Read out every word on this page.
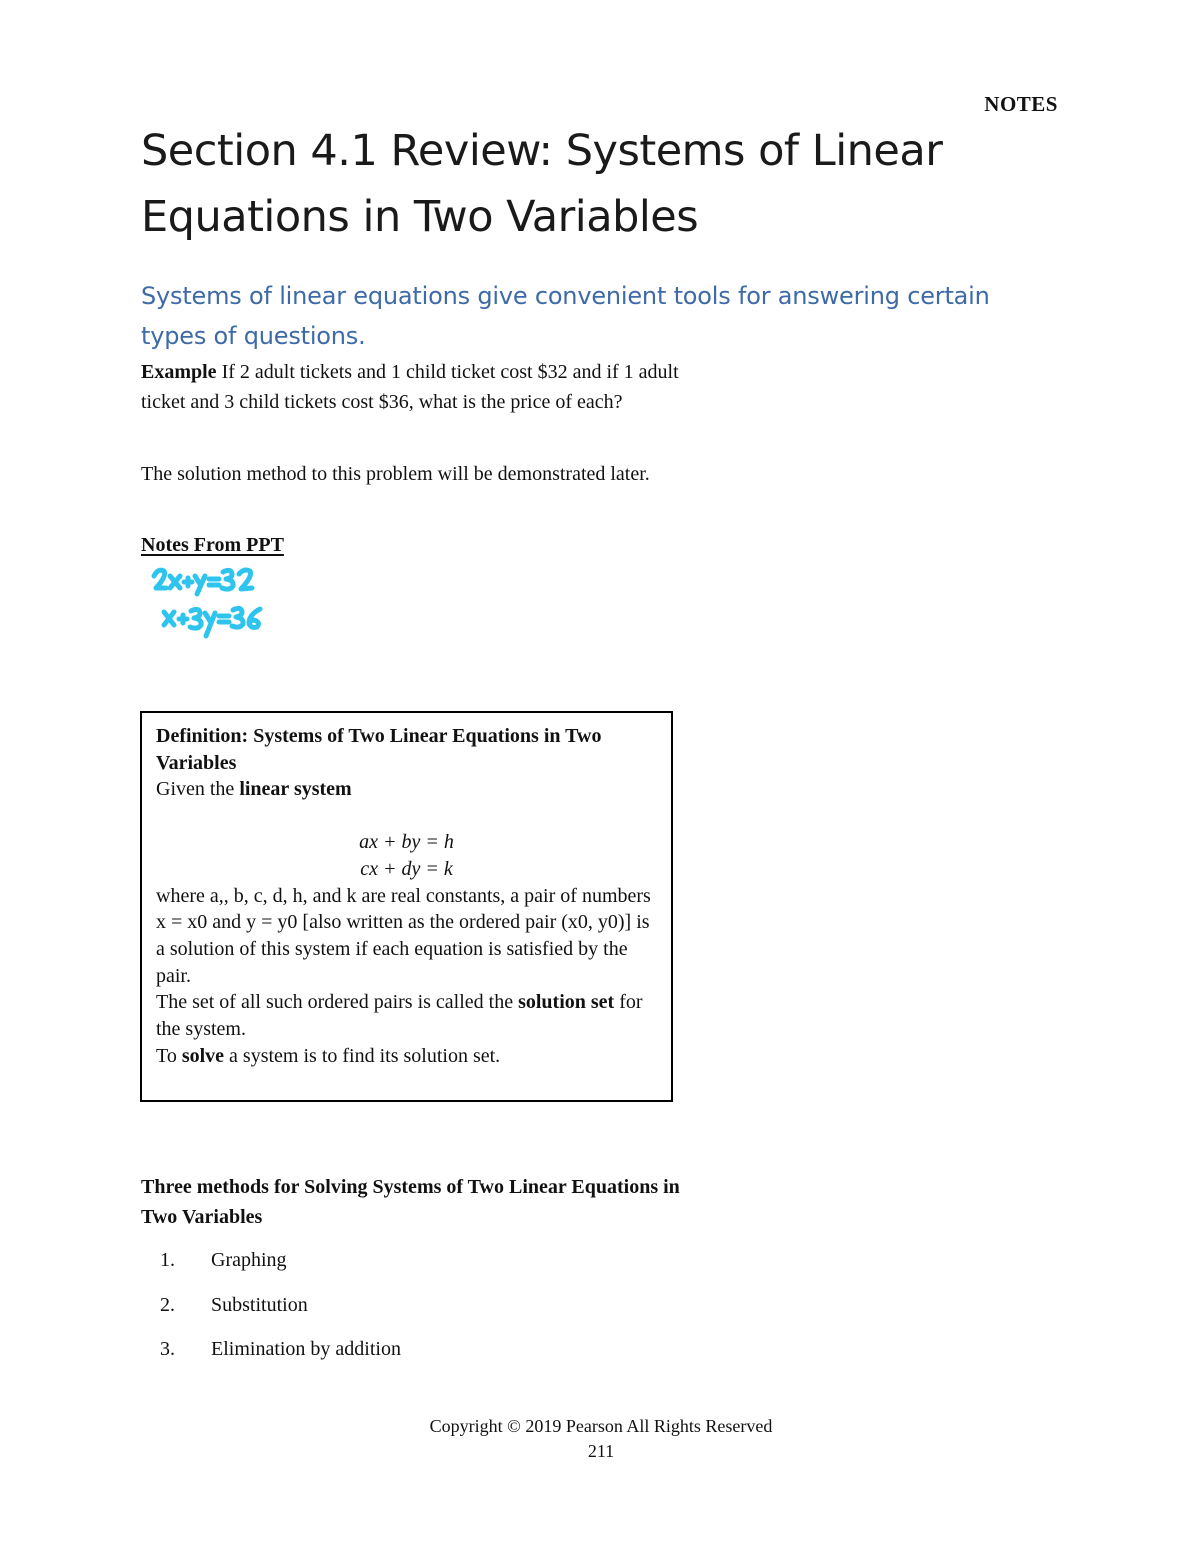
NOTES
Section 4.1 Review: Systems of Linear Equations in Two Variables

Systems of linear equations give convenient tools for answering certain types of questions.

Example If 2 adult tickets and 1 child ticket cost $32 and if 1 adult ticket and 3 child tickets cost $36, what is the price of each?

The solution method to this problem will be demonstrated later.

Notes From PPT

Definition: Systems of Two Linear Equations in Two Variables

Given the linear system

ax + by = h
cx + dy = k

where a,, b, c, d, h, and k are real constants, a pair of numbers x = x0 and y = y0 [also written as the ordered pair (x0, y0)] is a solution of this system if each equation is satisfied by the pair.

The set of all such ordered pairs is called the solution set for the system.

To solve a system is to find its solution set.

Three methods for Solving Systems of Two Linear Equations in Two Variables

1. Graphing
2. Substitution
3. Elimination by addition
Copyright © 2019 Pearson All Rights Reserved
211
